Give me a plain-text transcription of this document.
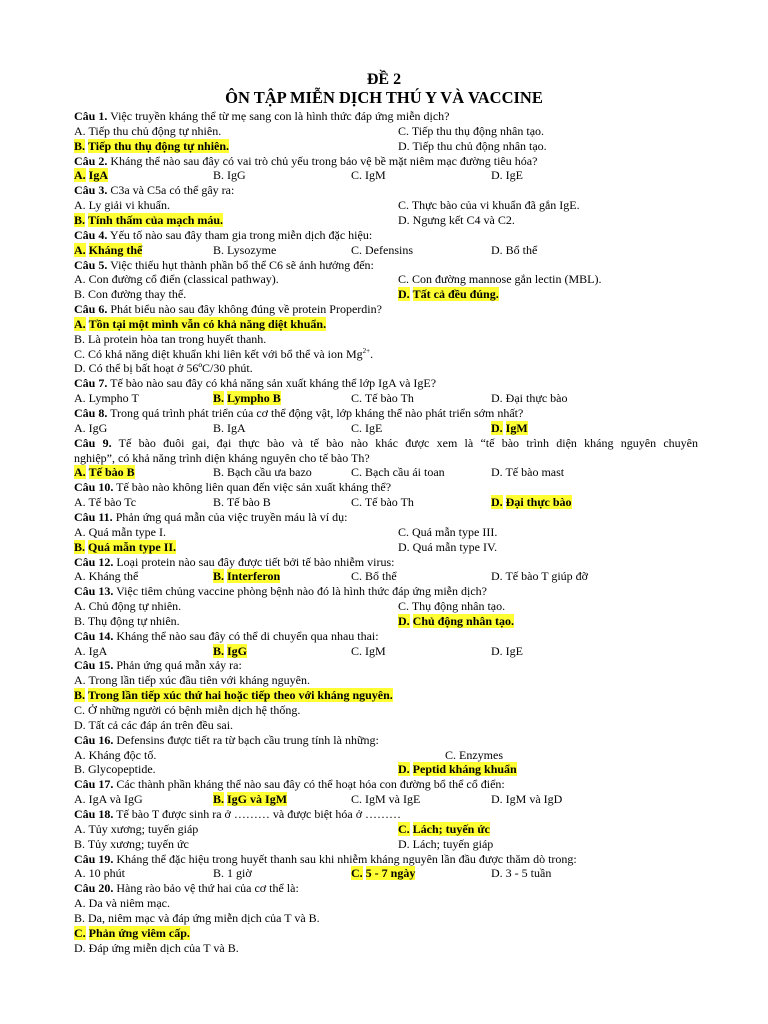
ĐỀ 2
ÔN TẬP MIỄN DỊCH THÚ Y VÀ VACCINE
Câu 1. Việc truyền kháng thể từ mẹ sang con là hình thức đáp ứng miễn dịch?
A. Tiếp thu chủ động tự nhiên.	C. Tiếp thu thụ động nhân tạo.
B. Tiếp thu thụ động tự nhiên.	D. Tiếp thu chủ động nhân tạo.
Câu 2. Kháng thể nào sau đây có vai trò chủ yếu trong bảo vệ bề mặt niêm mạc đường tiêu hóa?
A. IgA	B. IgG	C. IgM	D. IgE
Câu 3. C3a và C5a có thể gây ra:
A. Ly giải vi khuẩn.	C. Thực bào của vi khuẩn đã gắn IgE.
B. Tính thấm của mạch máu.	D. Ngưng kết C4 và C2.
Câu 4. Yếu tố nào sau đây tham gia trong miễn dịch đặc hiệu:
A. Kháng thể	B. Lysozyme	C. Defensins	D. Bổ thể
Câu 5. Việc thiếu hụt thành phần bổ thể C6 sẽ ảnh hưởng đến:
A. Con đường cổ điển (classical pathway).	C. Con đường mannose gắn lectin (MBL).
B. Con đường thay thế.	D. Tất cả đều đúng.
Câu 6. Phát biểu nào sau đây không đúng về protein Properdin?
A. Tồn tại một mình vẫn có khả năng diệt khuẩn.
B. Là protein hòa tan trong huyết thanh.
C. Có khả năng diệt khuẩn khi liên kết với bổ thể và ion $Mg^{2+}$.
D. Có thể bị bất hoạt ở 56ºC/30 phút.
Câu 7. Tế bào nào sau đây có khả năng sản xuất kháng thể lớp IgA và IgE?
A. Lympho T	B. Lympho B	C. Tế bào Th	D. Đại thực bào
Câu 8. Trong quá trình phát triển của cơ thể động vật, lớp kháng thể nào phát triển sớm nhất?
A. IgG	B. IgA	C. IgE	D. IgM
Câu 9. Tế bào đuôi gai, đại thực bào và tế bào nào khác được xem là “tế bào trình diện kháng nguyên chuyên
nghiệp”, có khả năng trình diện kháng nguyên cho tế bào Th?
A. Tế bào B	B. Bạch cầu ưa bazo	C. Bạch cầu ái toan	D. Tế bào mast
Câu 10. Tế bào nào không liên quan đến việc sản xuất kháng thể?
A. Tế bào Tc	B. Tế bào B	C. Tế bào Th	D. Đại thực bào
Câu 11. Phản ứng quá mẫn của việc truyền máu là ví dụ:
A. Quá mẫn type I.	C. Quá mẫn type III.
B. Quá mẫn type II.	D. Quá mẫn type IV.
Câu 12. Loại protein nào sau đây được tiết bởi tế bào nhiễm virus:
A. Kháng thể	B. Interferon	C. Bổ thể	D. Tế bào T giúp đỡ
Câu 13. Việc tiêm chủng vaccine phòng bệnh nào đó là hình thức đáp ứng miễn dịch?
A. Chủ động tự nhiên.	C. Thụ động nhân tạo.
B. Thụ động tự nhiên.	D. Chủ động nhân tạo.
Câu 14. Kháng thể nào sau đây có thể di chuyển qua nhau thai:
A. IgA	B. IgG	C. IgM	D. IgE
Câu 15. Phản ứng quá mẫn xảy ra:
A. Trong lần tiếp xúc đầu tiên với kháng nguyên.
B. Trong lần tiếp xúc thứ hai hoặc tiếp theo với kháng nguyên.
C. Ở những người có bệnh miễn dịch hệ thống.
D. Tất cả các đáp án trên đều sai.
Câu 16. Defensins được tiết ra từ bạch cầu trung tính là những:
A. Kháng độc tố.	C. Enzymes
B. Glycopeptide.	D. Peptid kháng khuẩn
Câu 17. Các thành phần kháng thể nào sau đây có thể hoạt hóa con đường bổ thể cổ điển:
A. IgA và IgG	B. IgG và IgM	C. IgM và IgE	D. IgM và IgD
Câu 18. Tế bào T được sinh ra ở ……… và được biệt hóa ở ………
A. Tủy xương; tuyến giáp	C. Lách; tuyến ức
B. Tủy xương; tuyến ức	D. Lách; tuyến giáp
Câu 19. Kháng thể đặc hiệu trong huyết thanh sau khi nhiễm kháng nguyên lần đầu được thăm dò trong:
A. 10 phút	B. 1 giờ	C. 5 - 7 ngày	D. 3 - 5 tuần
Câu 20. Hàng rào bảo vệ thứ hai của cơ thể là:
A. Da và niêm mạc.
B. Da, niêm mạc và đáp ứng miễn dịch của T và B.
C. Phản ứng viêm cấp.
D. Đáp ứng miễn dịch của T và B.
